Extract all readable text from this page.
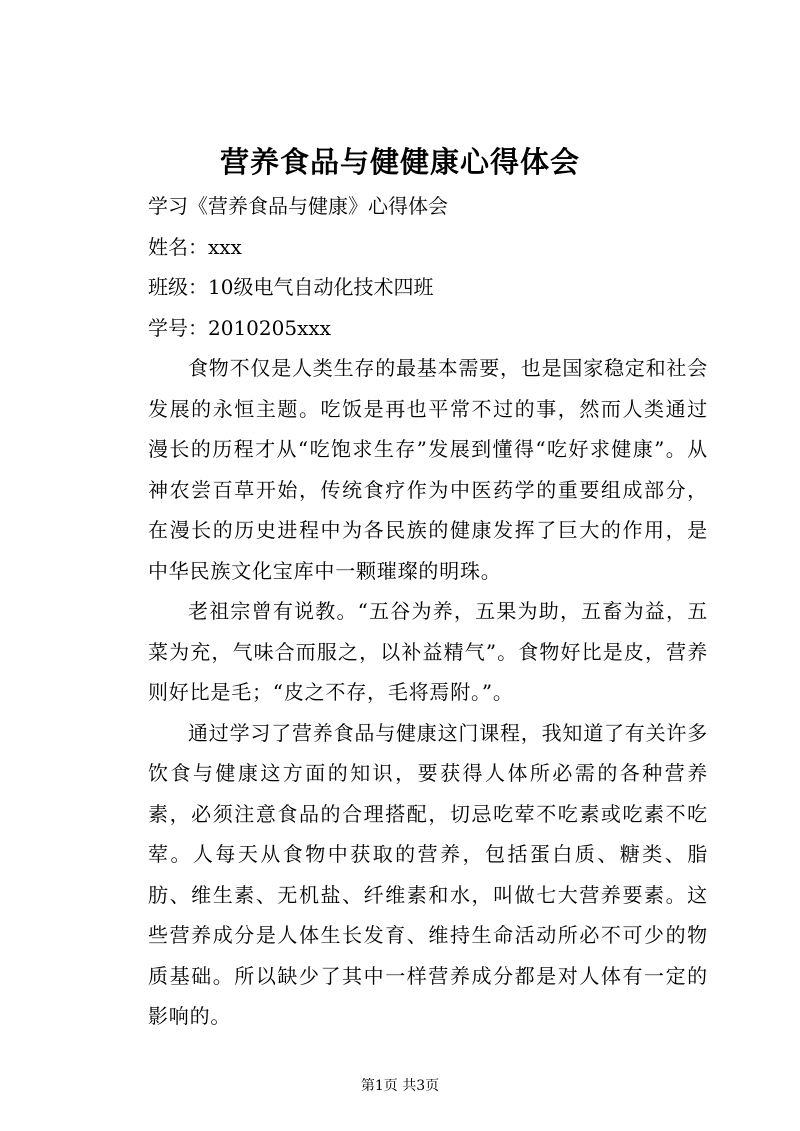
营养食品与健健康心得体会

学习《营养食品与健康》心得体会

姓名：xxx

班级：10级电气自动化技术四班

学号：2010205xxx

食物不仅是人类生存的最基本需要，也是国家稳定和社会发展的永恒主题。吃饭是再也平常不过的事，然而人类通过漫长的历程才从“吃饱求生存”发展到懂得“吃好求健康”。从神农尝百草开始，传统食疗作为中医药学的重要组成部分，在漫长的历史进程中为各民族的健康发挥了巨大的作用，是中华民族文化宝库中一颗璀璨的明珠。

老祖宗曾有说教。“五谷为养，五果为助，五畜为益，五菜为充，气味合而服之，以补益精气”。食物好比是皮，营养则好比是毛；“皮之不存，毛将焉附。”。

通过学习了营养食品与健康这门课程，我知道了有关许多饮食与健康这方面的知识，要获得人体所必需的各种营养素，必须注意食品的合理搭配，切忌吃荤不吃素或吃素不吃荤。人每天从食物中获取的营养，包括蛋白质、糖类、脂肪、维生素、无机盐、纤维素和水，叫做七大营养要素。这些营养成分是人体生长发育、维持生命活动所必不可少的物质基础。所以缺少了其中一样营养成分都是对人体有一定的影响的。

第1页 共3页
